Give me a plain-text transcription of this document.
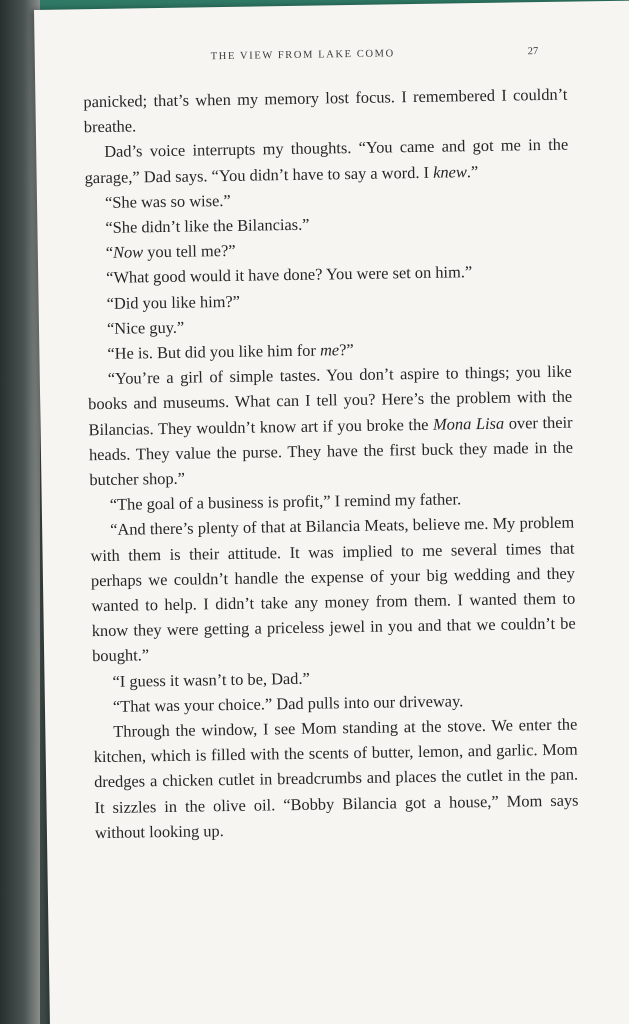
THE VIEW FROM LAKE COMO	27

panicked; that’s when my memory lost focus. I remembered I couldn’t breathe.

Dad’s voice interrupts my thoughts. “You came and got me in the garage,” Dad says. “You didn’t have to say a word. I knew.”

“She was so wise.”

“She didn’t like the Bilancias.”

“Now you tell me?”

“What good would it have done? You were set on him.”

“Did you like him?”

“Nice guy.”

“He is. But did you like him for me?”

“You’re a girl of simple tastes. You don’t aspire to things; you like books and museums. What can I tell you? Here’s the problem with the Bilancias. They wouldn’t know art if you broke the Mona Lisa over their heads. They value the purse. They have the first buck they made in the butcher shop.”

“The goal of a business is profit,” I remind my father.

“And there’s plenty of that at Bilancia Meats, believe me. My problem with them is their attitude. It was implied to me several times that perhaps we couldn’t handle the expense of your big wedding and they wanted to help. I didn’t take any money from them. I wanted them to know they were getting a priceless jewel in you and that we couldn’t be bought.”

“I guess it wasn’t to be, Dad.”

“That was your choice.” Dad pulls into our driveway.

Through the window, I see Mom standing at the stove. We enter the kitchen, which is filled with the scents of butter, lemon, and garlic. Mom dredges a chicken cutlet in breadcrumbs and places the cutlet in the pan. It sizzles in the olive oil. “Bobby Bilancia got a house,” Mom says without looking up.
